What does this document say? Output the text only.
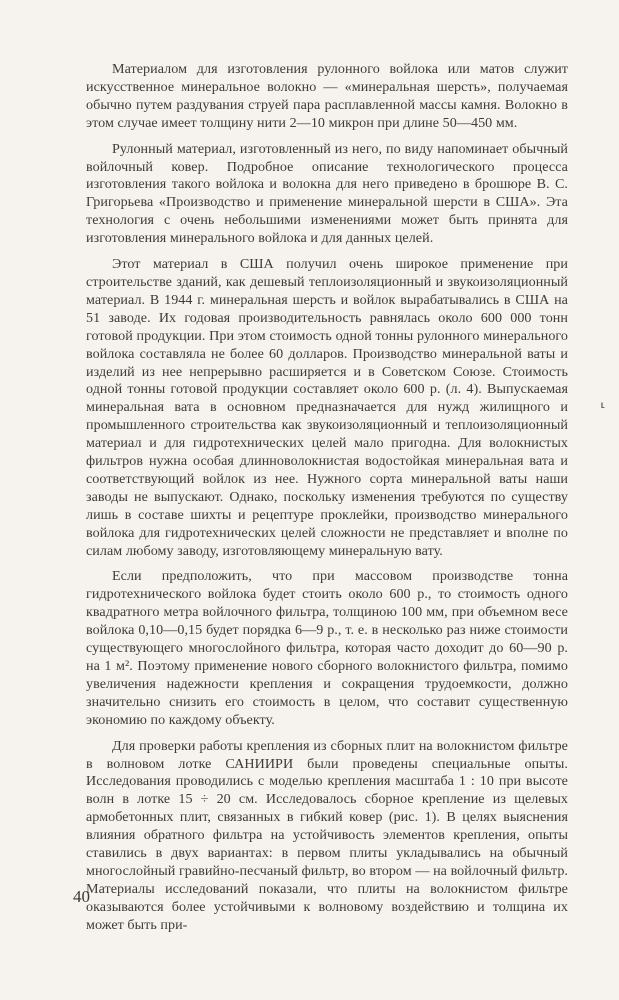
Материалом для изготовления рулонного войлока или матов служит искусственное минеральное волокно — «минеральная шерсть», получаемая обычно путем раздувания струей пара расплавленной массы камня. Волокно в этом случае имеет толщину нити 2—10 микрон при длине 50—450 мм.

Рулонный материал, изготовленный из него, по виду напоминает обычный войлочный ковер. Подробное описание технологического процесса изготовления такого войлока и волокна для него приведено в брошюре В. С. Григорьева «Производство и применение минеральной шерсти в США». Эта технология с очень небольшими изменениями может быть принята для изготовления минерального войлока и для данных целей.

Этот материал в США получил очень широкое применение при строительстве зданий, как дешевый теплоизоляционный и звукоизоляционный материал. В 1944 г. минеральная шерсть и войлок вырабатывались в США на 51 заводе. Их годовая производительность равнялась около 600 000 тонн готовой продукции. При этом стоимость одной тонны рулонного минерального войлока составляла не более 60 долларов. Производство минеральной ваты и изделий из нее непрерывно расширяется и в Советском Союзе. Стоимость одной тонны готовой продукции составляет около 600 р. (л. 4). Выпускаемая минеральная вата в основном предназначается для нужд жилищного и промышленного строительства как звукоизоляционный и теплоизоляционный материал и для гидротехнических целей мало пригодна. Для волокнистых фильтров нужна особая длинноволокнистая водостойкая минеральная вата и соответствующий войлок из нее. Нужного сорта минеральной ваты наши заводы не выпускают. Однако, поскольку изменения требуются по существу лишь в составе шихты и рецептуре проклейки, производство минерального войлока для гидротехнических целей сложности не представляет и вполне по силам любому заводу, изготовляющему минеральную вату.

Если предположить, что при массовом производстве тонна гидротехнического войлока будет стоить около 600 р., то стоимость одного квадратного метра войлочного фильтра, толщиною 100 мм, при объемном весе войлока 0,10—0,15 будет порядка 6—9 р., т. е. в несколько раз ниже стоимости существующего многослойного фильтра, которая часто доходит до 60—90 р. на 1 м². Поэтому применение нового сборного волокнистого фильтра, помимо увеличения надежности крепления и сокращения трудоемкости, должно значительно снизить его стоимость в целом, что составит существенную экономию по каждому объекту.

Для проверки работы крепления из сборных плит на волокнистом фильтре в волновом лотке САНИИРИ были проведены специальные опыты. Исследования проводились с моделью крепления масштаба 1 : 10 при высоте волн в лотке 15 ÷ 20 см. Исследовалось сборное крепление из щелевых армобетонных плит, связанных в гибкий ковер (рис. 1). В целях выяснения влияния обратного фильтра на устойчивость элементов крепления, опыты ставились в двух вариантах: в первом плиты укладывались на обычный многослойный гравийно-песчаный фильтр, во втором — на войлочный фильтр. Материалы исследований показали, что плиты на волокнистом фильтре оказываются более устойчивыми к волновому воздействию и толщина их может быть при-

⸤
40
